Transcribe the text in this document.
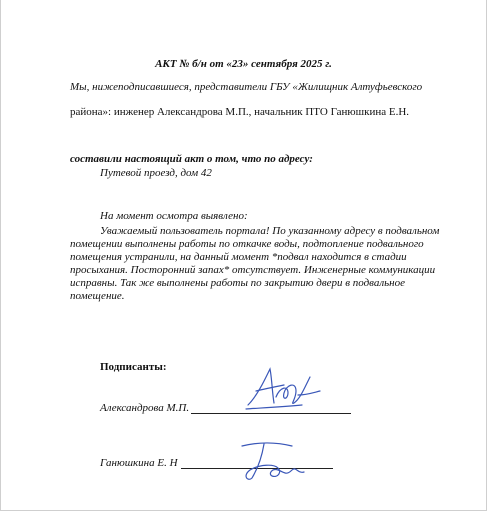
АКТ № б/н от «23» сентября 2025 г.
Мы, нижеподписавшиеся, представители ГБУ «Жилищник Алтуфьевского
района»: инженер Александрова М.П., начальник ПТО Ганюшкина Е.Н.
составили настоящий акт о том, что по адресу:
Путевой проезд, дом 42
На момент осмотра выявлено:
Уважаемый пользователь портала! По указанному адресу в подвальном помещении выполнены работы по откачке воды, подтопление подвального помещения устранили, на данный момент *подвал находится в стадии просыхания. Посторонний запах* отсутствует. Инженерные коммуникации исправны. Так же выполнены работы по закрытию двери в подвальное помещение.
Подписанты:
Александрова М.П.
Ганюшкина Е. Н
